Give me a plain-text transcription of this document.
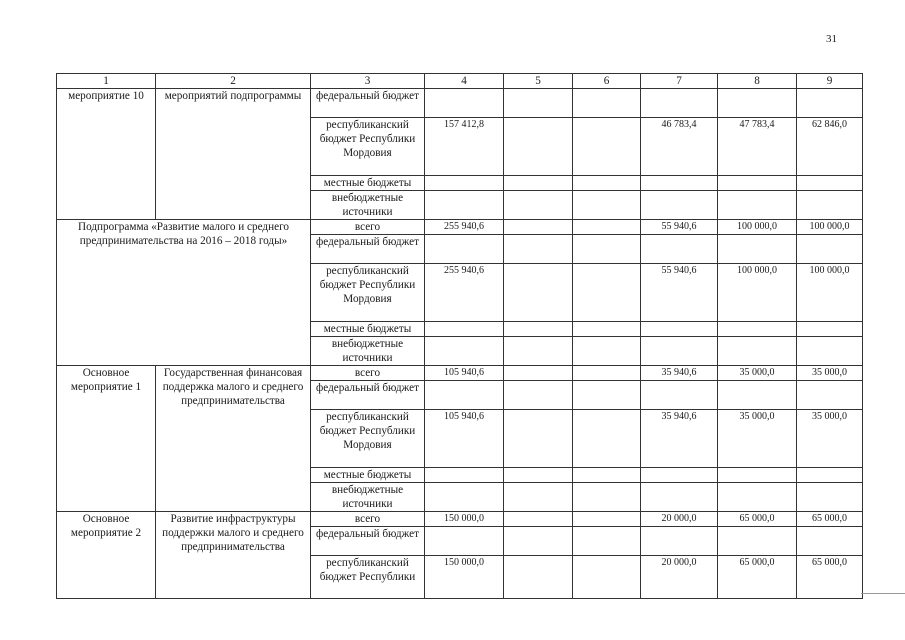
31
1	2	3	4	5	6	7	8	9
мероприятие 10	мероприятий подпрограммы	федеральный бюджет						
		республиканский бюджет Республики Мордовия	157 412,8			46 783,4	47 783,4	62 846,0
		местные бюджеты						
		внебюджетные источники						
Подпрограмма «Развитие малого и среднего предпринимательства на 2016 – 2018 годы»		всего	255 940,6			55 940,6	100 000,0	100 000,0
		федеральный бюджет						
		республиканский бюджет Республики Мордовия	255 940,6			55 940,6	100 000,0	100 000,0
		местные бюджеты						
		внебюджетные источники						
Основное мероприятие 1	Государственная финансовая поддержка малого и среднего предпринимательства	всего	105 940,6			35 940,6	35 000,0	35 000,0
		федеральный бюджет						
		республиканский бюджет Республики Мордовия	105 940,6			35 940,6	35 000,0	35 000,0
		местные бюджеты						
		внебюджетные источники						
Основное мероприятие 2	Развитие инфраструктуры поддержки малого и среднего предпринимательства	всего	150 000,0			20 000,0	65 000,0	65 000,0
		федеральный бюджет						
		республиканский бюджет Республики	150 000,0			20 000,0	65 000,0	65 000,0
